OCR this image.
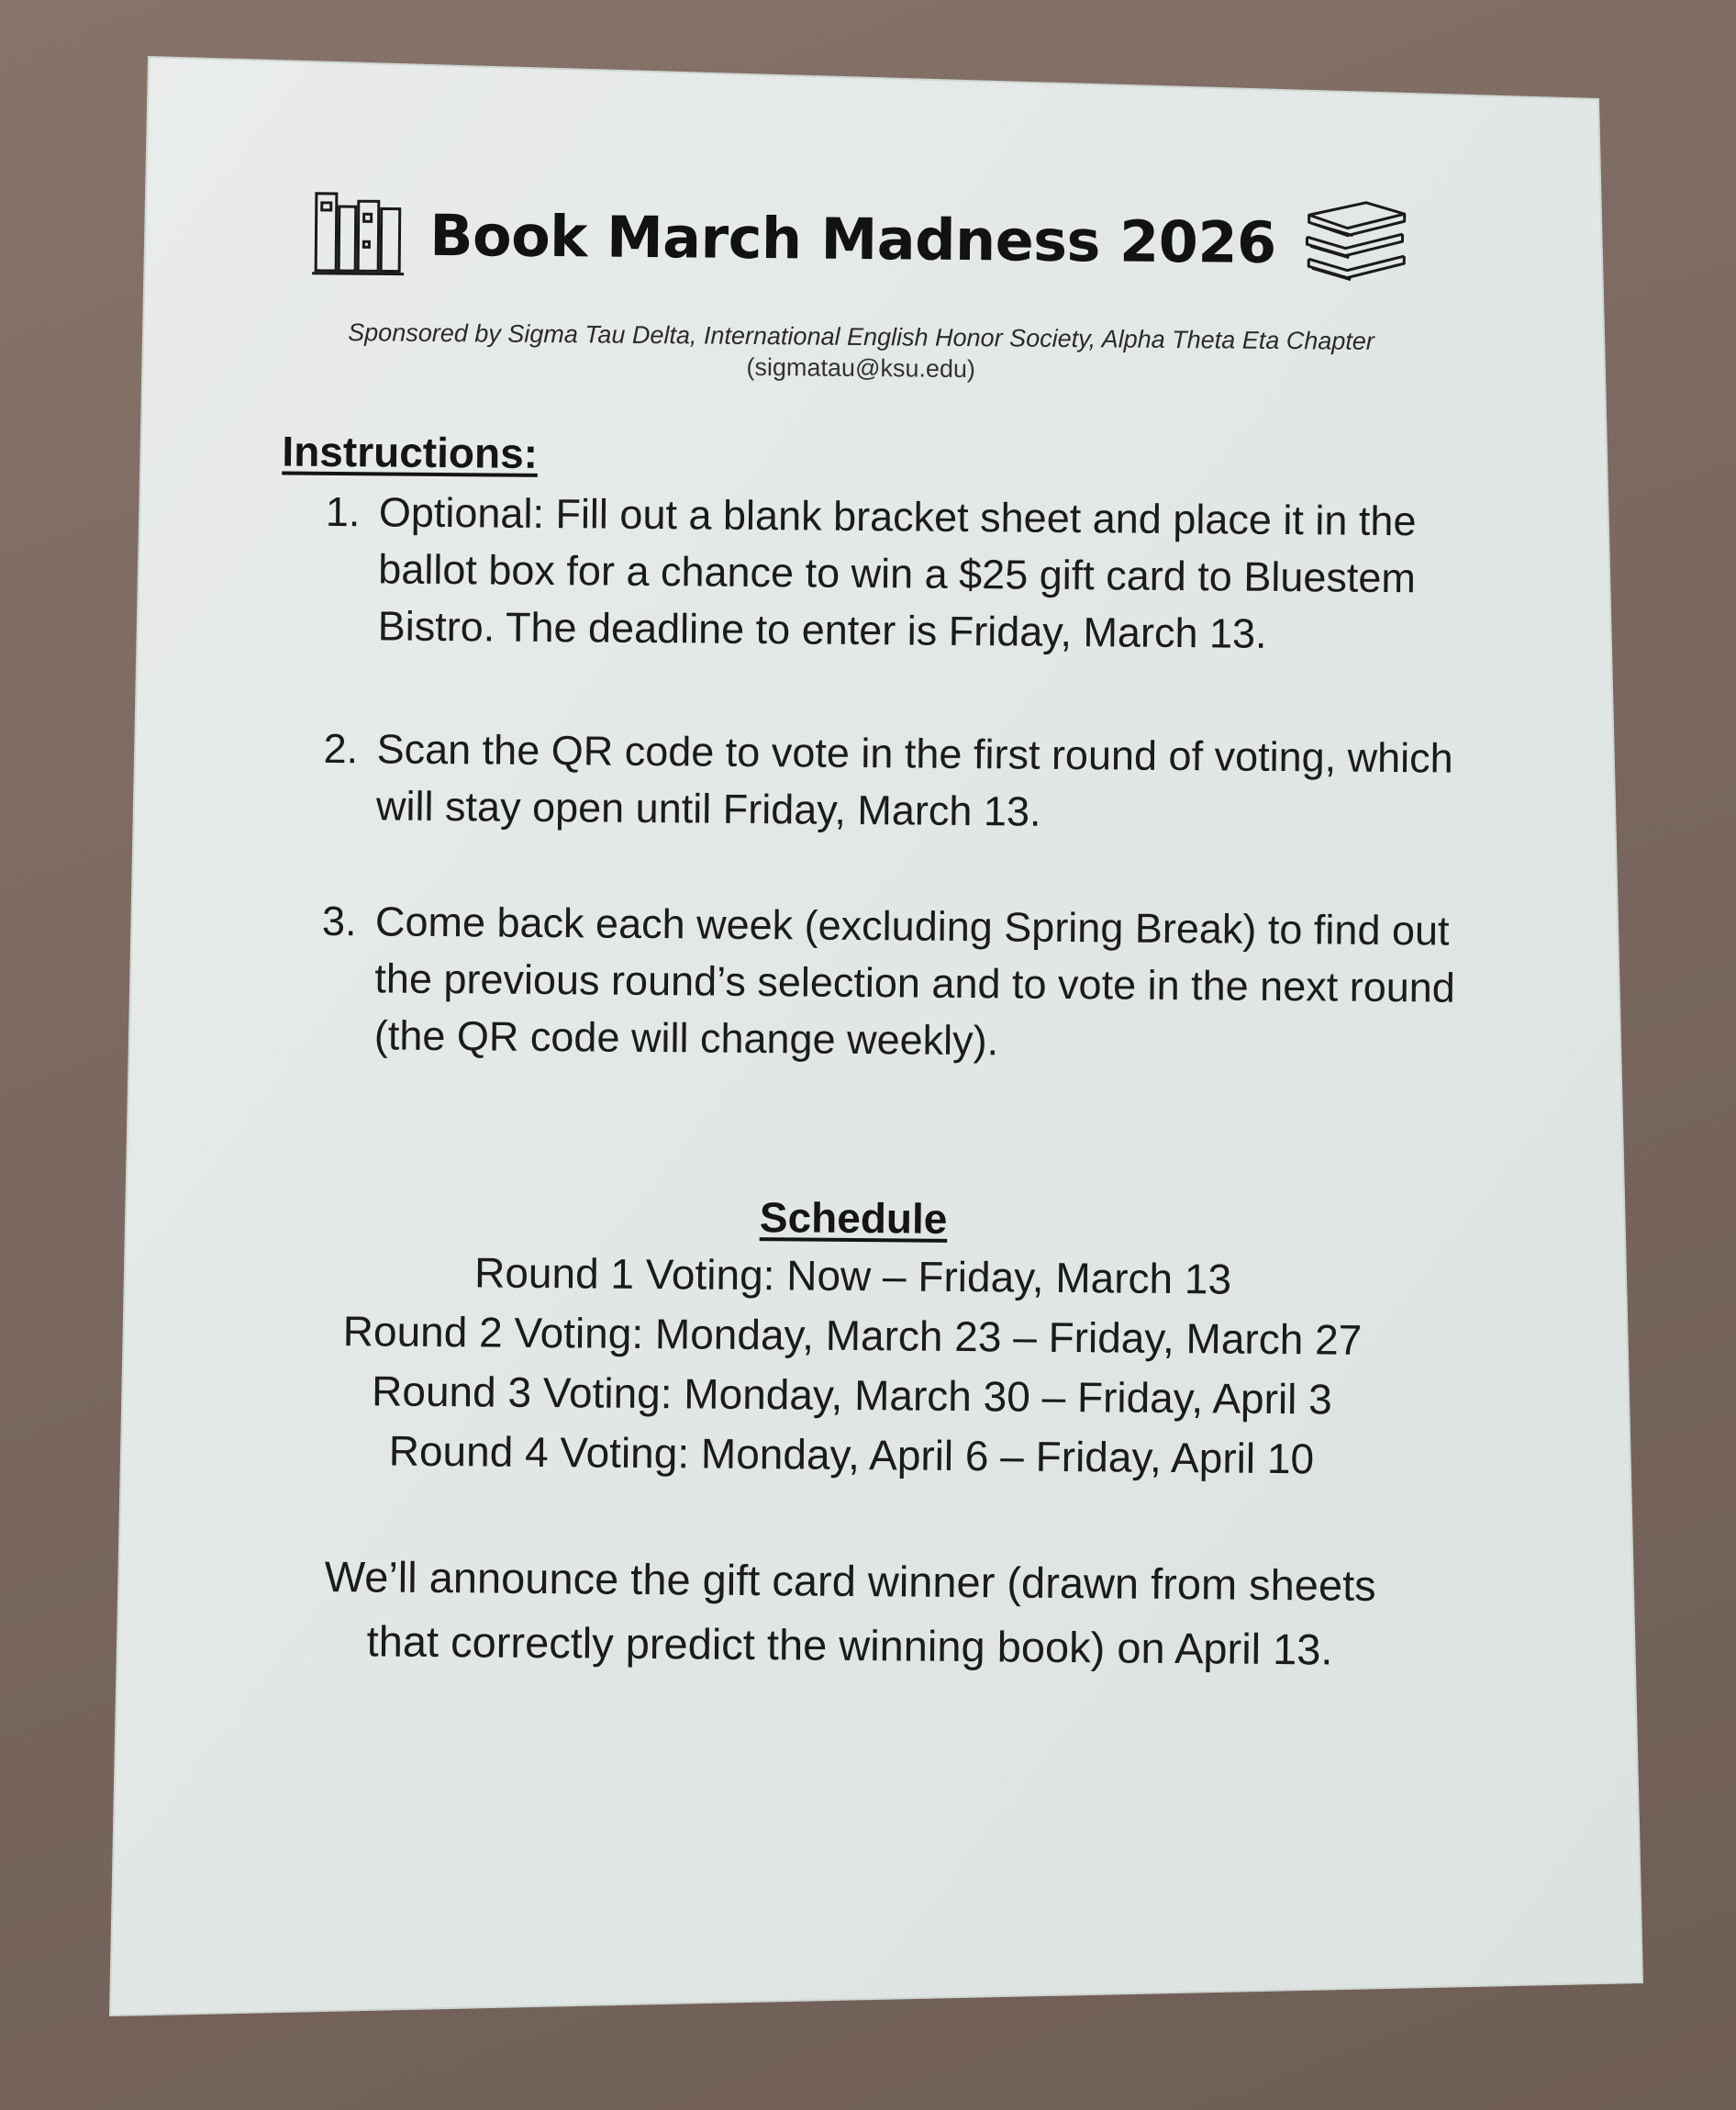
Book March Madness 2026
Sponsored by Sigma Tau Delta, International English Honor Society, Alpha Theta Eta Chapter
(sigmatau@ksu.edu)
Instructions:
1. Optional: Fill out a blank bracket sheet and place it in the ballot box for a chance to win a $25 gift card to Bluestem Bistro. The deadline to enter is Friday, March 13.
2. Scan the QR code to vote in the first round of voting, which will stay open until Friday, March 13.
3. Come back each week (excluding Spring Break) to find out the previous round’s selection and to vote in the next round (the QR code will change weekly).
Schedule
Round 1 Voting: Now – Friday, March 13
Round 2 Voting: Monday, March 23 – Friday, March 27
Round 3 Voting: Monday, March 30 – Friday, April 3
Round 4 Voting: Monday, April 6 – Friday, April 10
We’ll announce the gift card winner (drawn from sheets
that correctly predict the winning book) on April 13.
